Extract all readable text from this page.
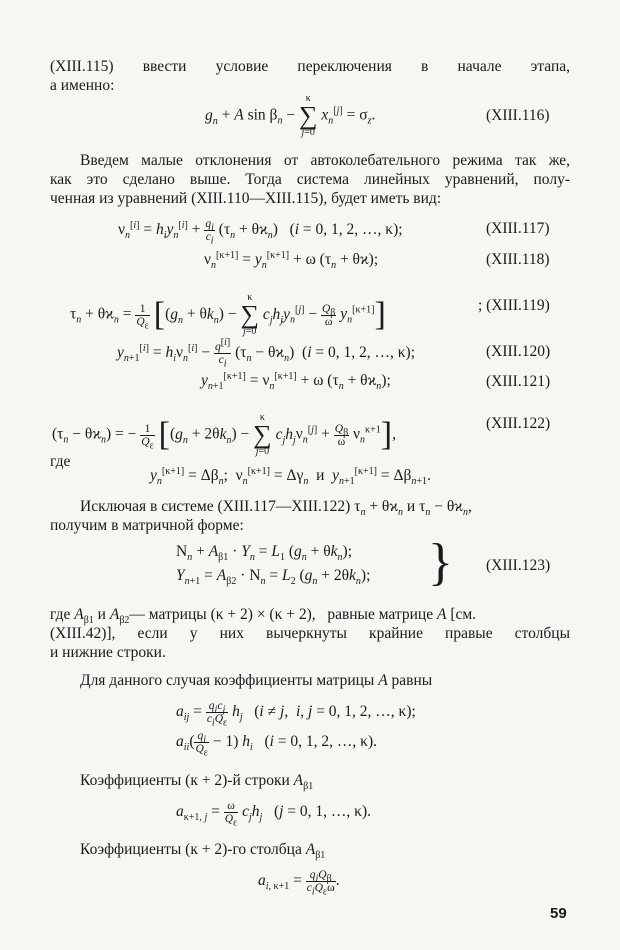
(XIII.115) ввести условие переключения в начале этапа,
а именно:
$g_n + A$ $\sin \beta_n - \kappa$
∑
j=0 $x_n[j] = \sigma_z$.	(XIII.116)
Введем малые отклонения от автоколебательного режима так же,
как это сделано выше. Тогда система линейных уравнений, полу-
ченная из уравнений (XIII.110—XIII.115), будет иметь вид:
$\nu_n[i] = h_iy_n[i] + \frac{q_i}{c_i} (\tau_n + \theta ϰ_n) (i = 0$, 1, 2, …, κ);	(XIII.117)
$\nu_n[\kappa+1] = y_n[\kappa+1] + \omega$ $(\tau_n + \theta ϰ)$;	(XIII.118)
$\tau_n + \theta ϰ_n = \frac{1}{Q_\varepsilon} [(g_n + \theta k_n) - \kappa$
∑
j=0 $c_jh_jy_n[j] - \frac{Q_\beta}{\omega} y_n[\kappa+1]$]	; (XIII.119)
$y_{n+1}[i] = h_i\nu_n[i] - \frac{q^{[i]}}{c_i} (\tau_n - \theta ϰ_n) (i = 0$, 1, 2, …, κ);	(XIII.120)
$y_{n+1}[\kappa+1] = \nu_n[\kappa+1] + \omega$ $(\tau_n + \theta ϰ_n)$;	(XIII.121)
$(\tau_n - \theta ϰ_n)$ = − $\frac{1}{Q_\varepsilon} [(g_n + 2\theta k_n) - \kappa$
∑
j=0 $c_jh_j\nu_n[j] + \frac{Q_\beta}{\omega} \nu_n^{\kappa+1}$],
(XIII.122)
где
$y_n[\kappa+1] = \Delta\beta_n$;  $\nu_n[\kappa+1] = \Delta\gamma_n$  и  $y_{n+1}[\kappa+1] = \Delta\beta_{n+1}$.
Исключая в системе (XIII.117—XIII.122) $\tau_n + \theta ϰ_n$ и $\tau_n - \theta ϰ_n$,
получим в матричной форме:
$N_n + A_{\beta 1} \cdot Y_n = L_1$ $(g_n + \theta k_n)$;
$Y_{n+1} = A_{\beta 2} \cdot N_n = L_2$ $(g_n + 2\theta k_n)$; } (XIII.123)
где $A_{\beta 1}$ и $A_{\beta 2}—$ матрицы (κ + 2) × (κ + 2),   равные матрице A [см.
(XIII.42)], если у них вычеркнуты крайние правые столбцы
и нижние строки.
Для данного случая коэффициенты матрицы A равны
$a_{ij} = \frac{q_ic_j}{c_iQ_\varepsilon} h_j$   (i ≠ j,  i, j = 0, 1, 2, …, κ);
$a_{ii}( \frac{q_i}{Q_\varepsilon} - 1)$ $h_i$   (i = 0, 1, 2, …, κ).
Коэффициенты (к + 2)-й строки $A_{\beta 1}$
$a_{\kappa+1, j} = \frac{\omega}{Q_\varepsilon} c_jh_j$   (j = 0, 1, …, κ).
Коэффициенты (к + 2)-го столбца $A_{\beta 1}$
$a_{i, \kappa+1} = \frac{q_iQ_\beta}{c_iQ_\varepsilon\omega}$ .
59
